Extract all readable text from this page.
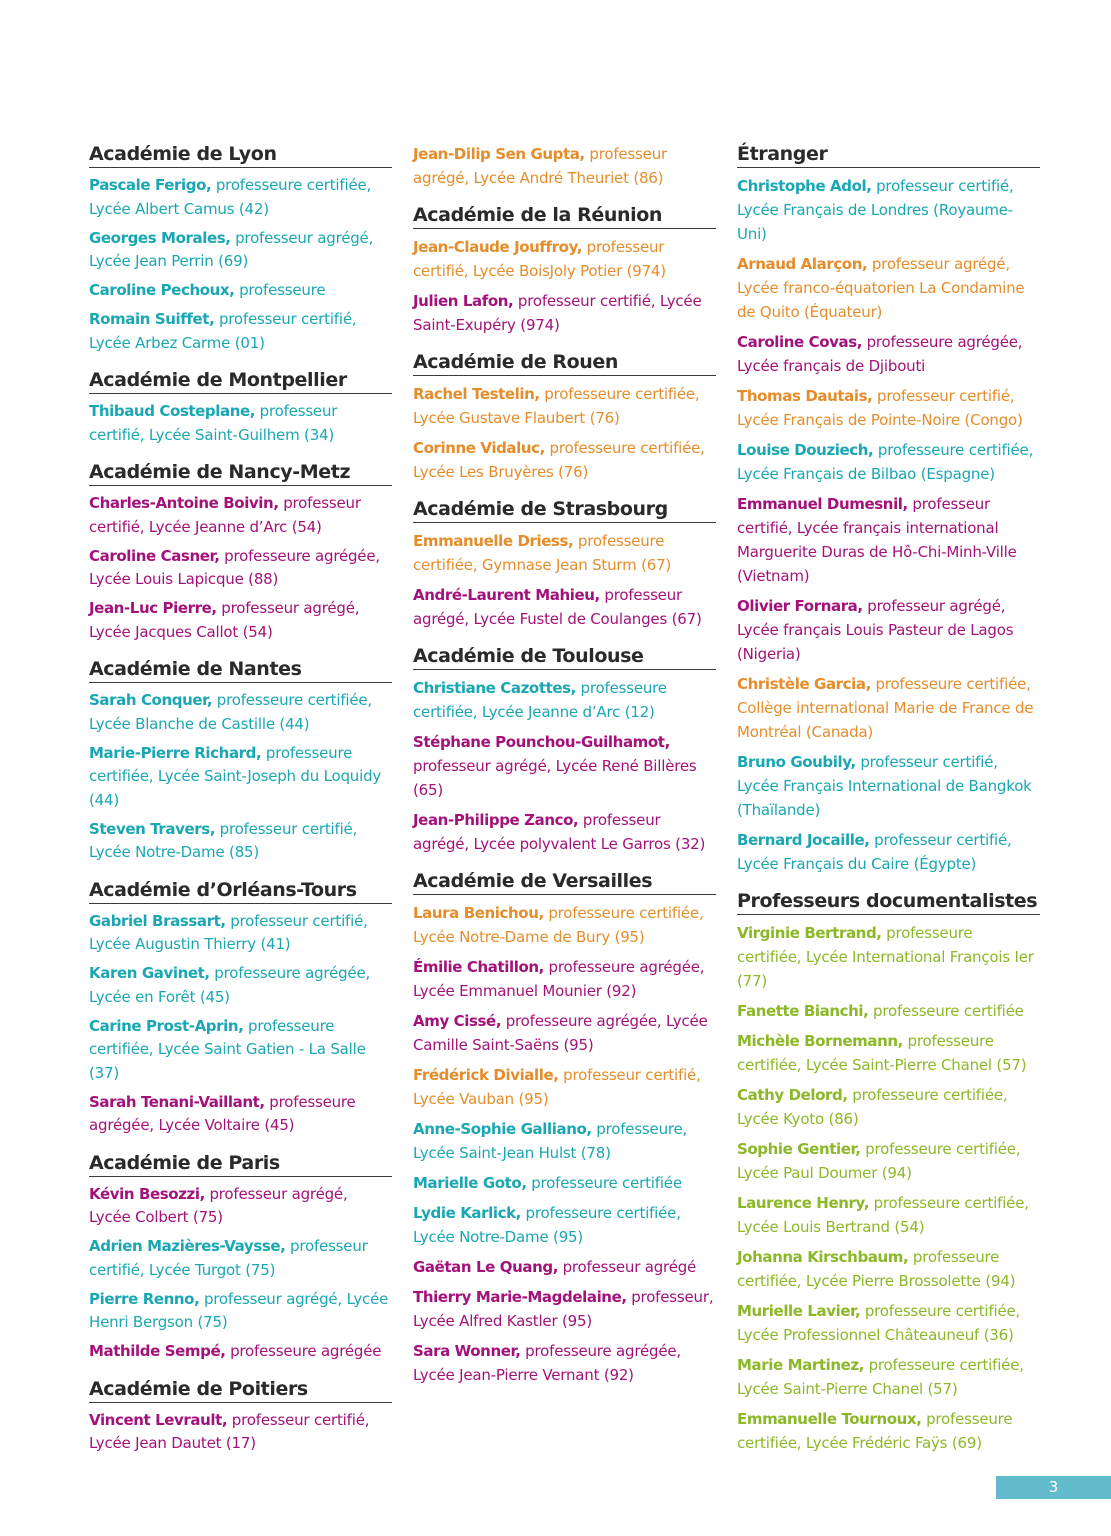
Académie de Lyon
Pascale Ferigo, professeure certifiée, Lycée Albert Camus (42)
Georges Morales, professeur agrégé, Lycée Jean Perrin (69)
Caroline Pechoux, professeure
Romain Suiffet, professeur certifié, Lycée Arbez Carme (01)
Académie de Montpellier
Thibaud Costeplane, professeur certifié, Lycée Saint-Guilhem (34)
Académie de Nancy-Metz
Charles-Antoine Boivin, professeur certifié, Lycée Jeanne d’Arc (54)
Caroline Casner, professeure agrégée, Lycée Louis Lapicque (88)
Jean-Luc Pierre, professeur agrégé, Lycée Jacques Callot (54)
Académie de Nantes
Sarah Conquer, professeure certifiée, Lycée Blanche de Castille (44)
Marie-Pierre Richard, professeure certifiée, Lycée Saint-Joseph du Loquidy (44)
Steven Travers, professeur certifié, Lycée Notre-Dame (85)
Académie d’Orléans-Tours
Gabriel Brassart, professeur certifié, Lycée Augustin Thierry (41)
Karen Gavinet, professeure agrégée, Lycée en Forêt (45)
Carine Prost-Aprin, professeure certifiée, Lycée Saint Gatien - La Salle (37)
Sarah Tenani-Vaillant, professeure agrégée, Lycée Voltaire (45)
Académie de Paris
Kévin Besozzi, professeur agrégé, Lycée Colbert (75)
Adrien Mazières-Vaysse, professeur certifié, Lycée Turgot (75)
Pierre Renno, professeur agrégé, Lycée Henri Bergson (75)
Mathilde Sempé, professeure agrégée
Académie de Poitiers
Vincent Levrault, professeur certifié, Lycée Jean Dautet (17)
Jean-Dilip Sen Gupta, professeur agrégé, Lycée André Theuriet (86)
Académie de la Réunion
Jean-Claude Jouffroy, professeur certifié, Lycée BoisJoly Potier (974)
Julien Lafon, professeur certifié, Lycée Saint-Exupéry (974)
Académie de Rouen
Rachel Testelin, professeure certifiée, Lycée Gustave Flaubert (76)
Corinne Vidaluc, professeure certifiée, Lycée Les Bruyères (76)
Académie de Strasbourg
Emmanuelle Driess, professeure certifiée, Gymnase Jean Sturm (67)
André-Laurent Mahieu, professeur agrégé, Lycée Fustel de Coulanges (67)
Académie de Toulouse
Christiane Cazottes, professeure certifiée, Lycée Jeanne d’Arc (12)
Stéphane Pounchou-Guilhamot, professeur agrégé, Lycée René Billères (65)
Jean-Philippe Zanco, professeur agrégé, Lycée polyvalent Le Garros (32)
Académie de Versailles
Laura Benichou, professeure certifiée, Lycée Notre-Dame de Bury (95)
Émilie Chatillon, professeure agrégée, Lycée Emmanuel Mounier (92)
Amy Cissé, professeure agrégée, Lycée Camille Saint-Saëns (95)
Frédérick Divialle, professeur certifié, Lycée Vauban (95)
Anne-Sophie Galliano, professeure, Lycée Saint-Jean Hulst (78)
Marielle Goto, professeure certifiée
Lydie Karlick, professeure certifiée, Lycée Notre-Dame (95)
Gaëtan Le Quang, professeur agrégé
Thierry Marie-Magdelaine, professeur, Lycée Alfred Kastler (95)
Sara Wonner, professeure agrégée, Lycée Jean-Pierre Vernant (92)
Étranger
Christophe Adol, professeur certifié, Lycée Français de Londres (Royaume-Uni)
Arnaud Alarçon, professeur agrégé, Lycée franco-équatorien La Condamine de Quito (Équateur)
Caroline Covas, professeure agrégée, Lycée français de Djibouti
Thomas Dautais, professeur certifié, Lycée Français de Pointe-Noire (Congo)
Louise Douziech, professeure certifiée, Lycée Français de Bilbao (Espagne)
Emmanuel Dumesnil, professeur certifié, Lycée français international Marguerite Duras de Hô-Chi-Minh-Ville (Vietnam)
Olivier Fornara, professeur agrégé, Lycée français Louis Pasteur de Lagos (Nigeria)
Christèle Garcia, professeure certifiée, Collège international Marie de France de Montréal (Canada)
Bruno Goubily, professeur certifié, Lycée Français International de Bangkok (Thaïlande)
Bernard Jocaille, professeur certifié, Lycée Français du Caire (Égypte)
Professeurs documentalistes
Virginie Bertrand, professeure certifiée, Lycée International François Ier (77)
Fanette Bianchi, professeure certifiée
Michèle Bornemann, professeure certifiée, Lycée Saint-Pierre Chanel (57)
Cathy Delord, professeure certifiée, Lycée Kyoto (86)
Sophie Gentier, professeure certifiée, Lycée Paul Doumer (94)
Laurence Henry, professeure certifiée, Lycée Louis Bertrand (54)
Johanna Kirschbaum, professeure certifiée, Lycée Pierre Brossolette (94)
Murielle Lavier, professeure certifiée, Lycée Professionnel Châteauneuf (36)
Marie Martinez, professeure certifiée, Lycée Saint-Pierre Chanel (57)
Emmanuelle Tournoux, professeure certifiée, Lycée Frédéric Faÿs (69)
3
